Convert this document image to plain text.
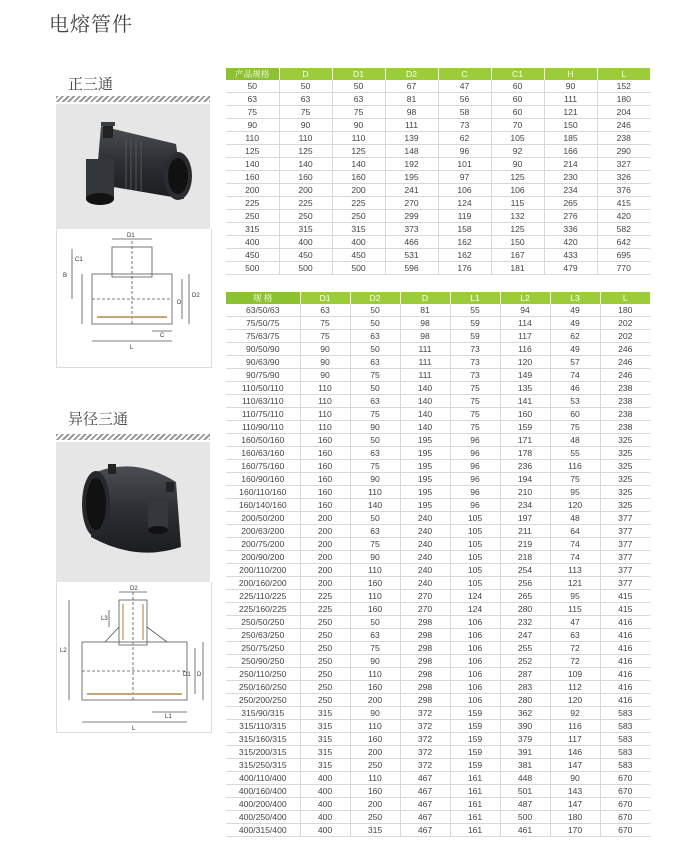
电熔管件
正三通
D1
B
C1
D2
D
C
L
异径三通
D2
L3
L2
D1 D
L1
L
产品规格	D	D1	D2	C	C1	H	L
50	50	50	67	47	60	90	152
63	63	63	81	56	60	111	180
75	75	75	98	58	60	121	204
90	90	90	111	73	70	150	246
110	110	110	139	62	105	185	238
125	125	125	148	96	92	166	290
140	140	140	192	101	90	214	327
160	160	160	195	97	125	230	326
200	200	200	241	106	106	234	376
225	225	225	270	124	115	265	415
250	250	250	299	119	132	276	420
315	315	315	373	158	125	336	582
400	400	400	466	162	150	420	642
450	450	450	531	162	167	433	695
500	500	500	596	176	181	479	770
规 格	D1	D2	D	L1	L2	L3	L
63/50/63	63	50	81	55	94	49	180
75/50/75	75	50	98	59	114	49	202
75/63/75	75	63	98	59	117	62	202
90/50/90	90	50	111	73	116	49	246
90/63/90	90	63	111	73	120	57	246
90/75/90	90	75	111	73	149	74	246
110/50/110	110	50	140	75	135	46	238
110/63/110	110	63	140	75	141	53	238
110/75/110	110	75	140	75	160	60	238
110/90/110	110	90	140	75	159	75	238
160/50/160	160	50	195	96	171	48	325
160/63/160	160	63	195	96	178	55	325
160/75/160	160	75	195	96	236	116	325
160/90/160	160	90	195	96	194	75	325
160/110/160	160	110	195	96	210	95	325
160/140/160	160	140	195	96	234	120	325
200/50/200	200	50	240	105	197	48	377
200/63/200	200	63	240	105	211	64	377
200/75/200	200	75	240	105	219	74	377
200/90/200	200	90	240	105	218	74	377
200/110/200	200	110	240	105	254	113	377
200/160/200	200	160	240	105	256	121	377
225/110/225	225	110	270	124	265	95	415
225/160/225	225	160	270	124	280	115	415
250/50/250	250	50	298	106	232	47	416
250/63/250	250	63	298	106	247	63	416
250/75/250	250	75	298	106	255	72	416
250/90/250	250	90	298	106	252	72	416
250/110/250	250	110	298	106	287	109	416
250/160/250	250	160	298	106	283	112	416
250/200/250	250	200	298	106	280	120	416
315/90/315	315	90	372	159	362	92	583
315/110/315	315	110	372	159	390	116	583
315/160/315	315	160	372	159	379	117	583
315/200/315	315	200	372	159	391	146	583
315/250/315	315	250	372	159	381	147	583
400/110/400	400	110	467	161	448	90	670
400/160/400	400	160	467	161	501	143	670
400/200/400	400	200	467	161	487	147	670
400/250/400	400	250	467	161	500	180	670
400/315/400	400	315	467	161	461	170	670
